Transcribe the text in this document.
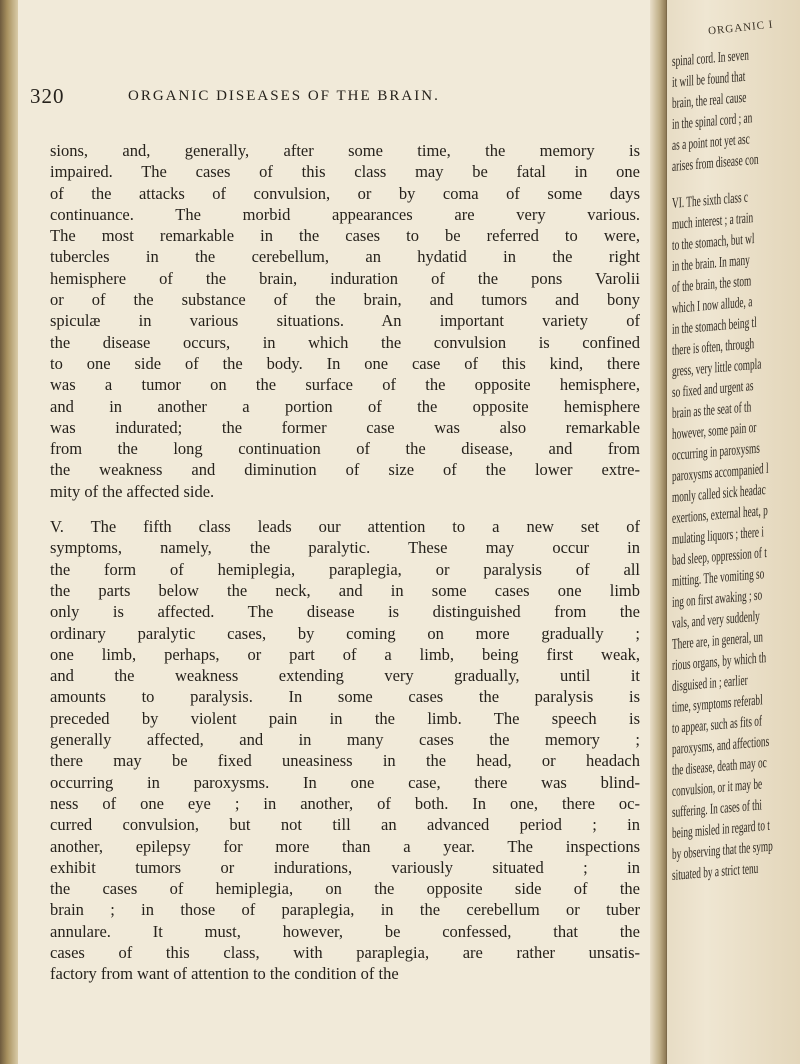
320	ORGANIC DISEASES OF THE BRAIN.

sions, and, generally, after some time, the memory is
impaired. The cases of this class may be fatal in one
of the attacks of convulsion, or by coma of some days
continuance. The morbid appearances are very various.
The most remarkable in the cases to be referred to were,
tubercles in the cerebellum, an hydatid in the right
hemisphere of the brain, induration of the pons Varolii
or of the substance of the brain, and tumors and bony
spiculæ in various situations. An important variety of
the disease occurs, in which the convulsion is confined
to one side of the body. In one case of this kind, there
was a tumor on the surface of the opposite hemisphere,
and in another a portion of the opposite hemisphere
was indurated; the former case was also remarkable
from the long continuation of the disease, and from
the weakness and diminution of size of the lower extre-
mity of the affected side.

V. The fifth class leads our attention to a new set of
symptoms, namely, the paralytic. These may occur in
the form of hemiplegia, paraplegia, or paralysis of all
the parts below the neck, and in some cases one limb
only is affected. The disease is distinguished from the
ordinary paralytic cases, by coming on more gradually ;
one limb, perhaps, or part of a limb, being first weak,
and the weakness extending very gradually, until it
amounts to paralysis. In some cases the paralysis is
preceded by violent pain in the limb. The speech is
generally affected, and in many cases the memory ;
there may be fixed uneasiness in the head, or headach
occurring in paroxysms. In one case, there was blind-
ness of one eye ; in another, of both. In one, there oc-
curred convulsion, but not till an advanced period ; in
another, epilepsy for more than a year. The inspections
exhibit tumors or indurations, variously situated ; in
the cases of hemiplegia, on the opposite side of the
brain ; in those of paraplegia, in the cerebellum or tuber
annulare. It must, however, be confessed, that the
cases of this class, with paraplegia, are rather unsatis-
factory from want of attention to the condition of the

ORGANIC I
spinal cord. In seven
it will be found that
brain, the real cause
in the spinal cord ; an
as a point not yet asc
arises from disease con
VI. The sixth class c
much interest ; a train
to the stomach, but wl
in the brain. In many
of the brain, the stom
which I now allude, a
in the stomach being tl
there is often, through
gress, very little compla
so fixed and urgent as
brain as the seat of th
however, some pain or
occurring in paroxysms
paroxysms accompanied l
monly called sick headac
exertions, external heat, p
mulating liquors ; there i
bad sleep, oppression of t
mitting. The vomiting so
ing on first awaking ; so
vals, and very suddenly
There are, in general, un
rious organs, by which th
disguised in ; earlier
time, symptoms referabl
to appear, such as fits of
paroxysms, and affections
the disease, death may oc
convulsion, or it may be
suffering. In cases of thi
being misled in regard to t
by observing that the symp
situated by a strict tenu
